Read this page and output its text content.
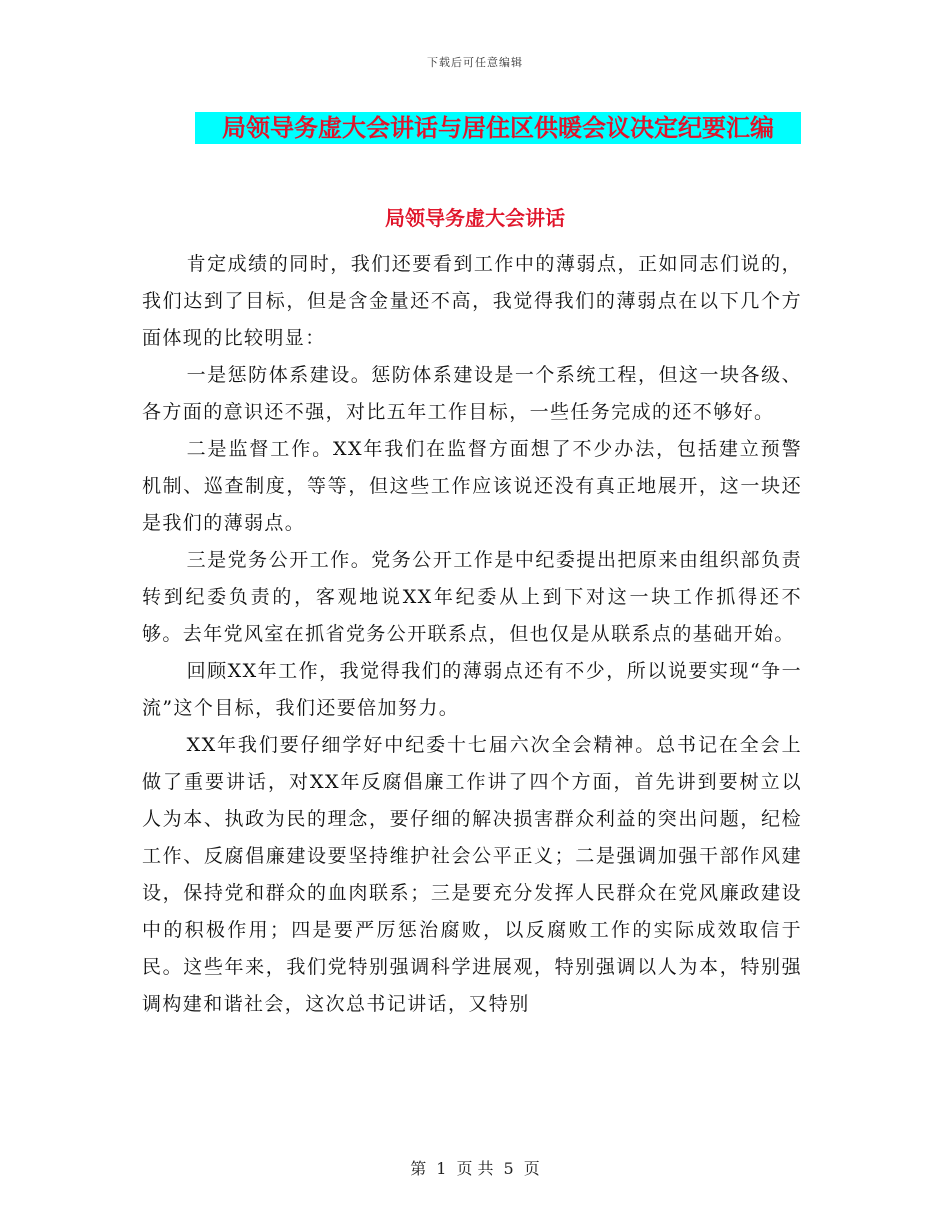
下载后可任意编辑
局领导务虚大会讲话与居住区供暖会议决定纪要汇编
局领导务虚大会讲话

肯定成绩的同时，我们还要看到工作中的薄弱点，正如同志们说的，我们达到了目标，但是含金量还不高，我觉得我们的薄弱点在以下几个方面体现的比较明显：

一是惩防体系建设。惩防体系建设是一个系统工程，但这一块各级、各方面的意识还不强，对比五年工作目标，一些任务完成的还不够好。

二是监督工作。XX年我们在监督方面想了不少办法，包括建立预警机制、巡查制度，等等，但这些工作应该说还没有真正地展开，这一块还是我们的薄弱点。

三是党务公开工作。党务公开工作是中纪委提出把原来由组织部负责转到纪委负责的，客观地说XX年纪委从上到下对这一块工作抓得还不够。去年党风室在抓省党务公开联系点，但也仅是从联系点的基础开始。

回顾XX年工作，我觉得我们的薄弱点还有不少，所以说要实现“争一流”这个目标，我们还要倍加努力。

XX年我们要仔细学好中纪委十七届六次全会精神。总书记在全会上做了重要讲话，对XX年反腐倡廉工作讲了四个方面，首先讲到要树立以人为本、执政为民的理念，要仔细的解决损害群众利益的突出问题，纪检工作、反腐倡廉建设要坚持维护社会公平正义；二是强调加强干部作风建设，保持党和群众的血肉联系；三是要充分发挥人民群众在党风廉政建设中的积极作用；四是要严厉惩治腐败，以反腐败工作的实际成效取信于民。这些年来，我们党特别强调科学进展观，特别强调以人为本，特别强调构建和谐社会，这次总书记讲话，又特别

第 1 页 共 5 页
